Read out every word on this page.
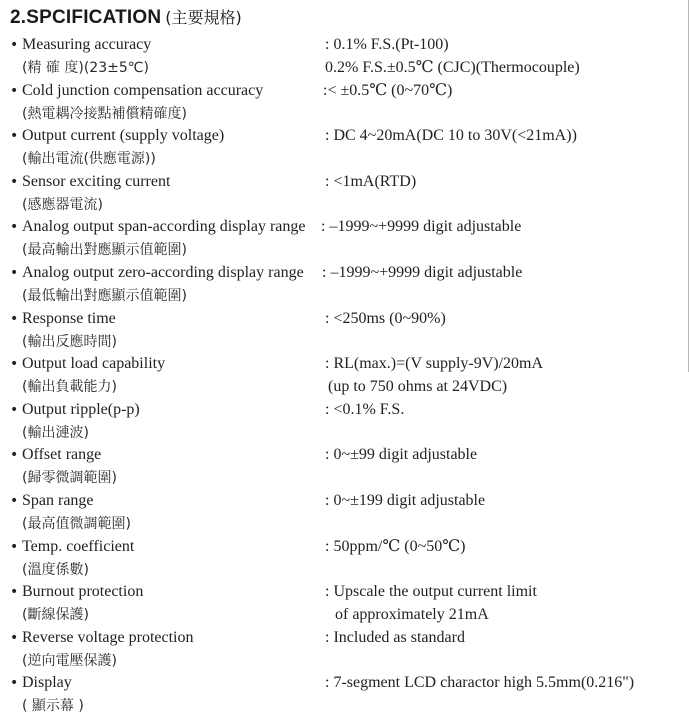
2.SPCIFICATION (主要規格)
• Measuring accuracy
(精 確 度)(23±5℃)
: 0.1% F.S.(Pt-100)
0.2% F.S.±0.5℃ (CJC)(Thermocouple)
• Cold junction compensation accuracy
(熱電耦冷接點補償精確度)
:< ±0.5℃ (0~70℃)
• Output current (supply voltage)
(輸出電流(供應電源))
: DC 4~20mA(DC 10 to 30V(<21mA))
• Sensor exciting current
(感應器電流)
: <1mA(RTD)
• Analog output span-according display range
(最高輸出對應顯示值範圍)
: –1999~+9999 digit adjustable
• Analog output zero-according display range
(最低輸出對應顯示值範圍)
: –1999~+9999 digit adjustable
• Response time
(輸出反應時間)
: <250ms (0~90%)
• Output load capability
(輸出負載能力)
: RL(max.)=(V supply-9V)/20mA
(up to 750 ohms at 24VDC)
• Output ripple(p-p)
(輸出漣波)
: <0.1% F.S.
• Offset range
(歸零微調範圍)
: 0~±99 digit adjustable
• Span range
(最高值微調範圍)
: 0~±199 digit adjustable
• Temp. coefficient
(溫度係數)
: 50ppm/℃ (0~50℃)
• Burnout protection
(斷線保護)
: Upscale the output current limit
of approximately 21mA
• Reverse voltage protection
(逆向電壓保護)
: Included as standard
• Display
( 顯示幕 )
: 7-segment LCD charactor high 5.5mm(0.216")
